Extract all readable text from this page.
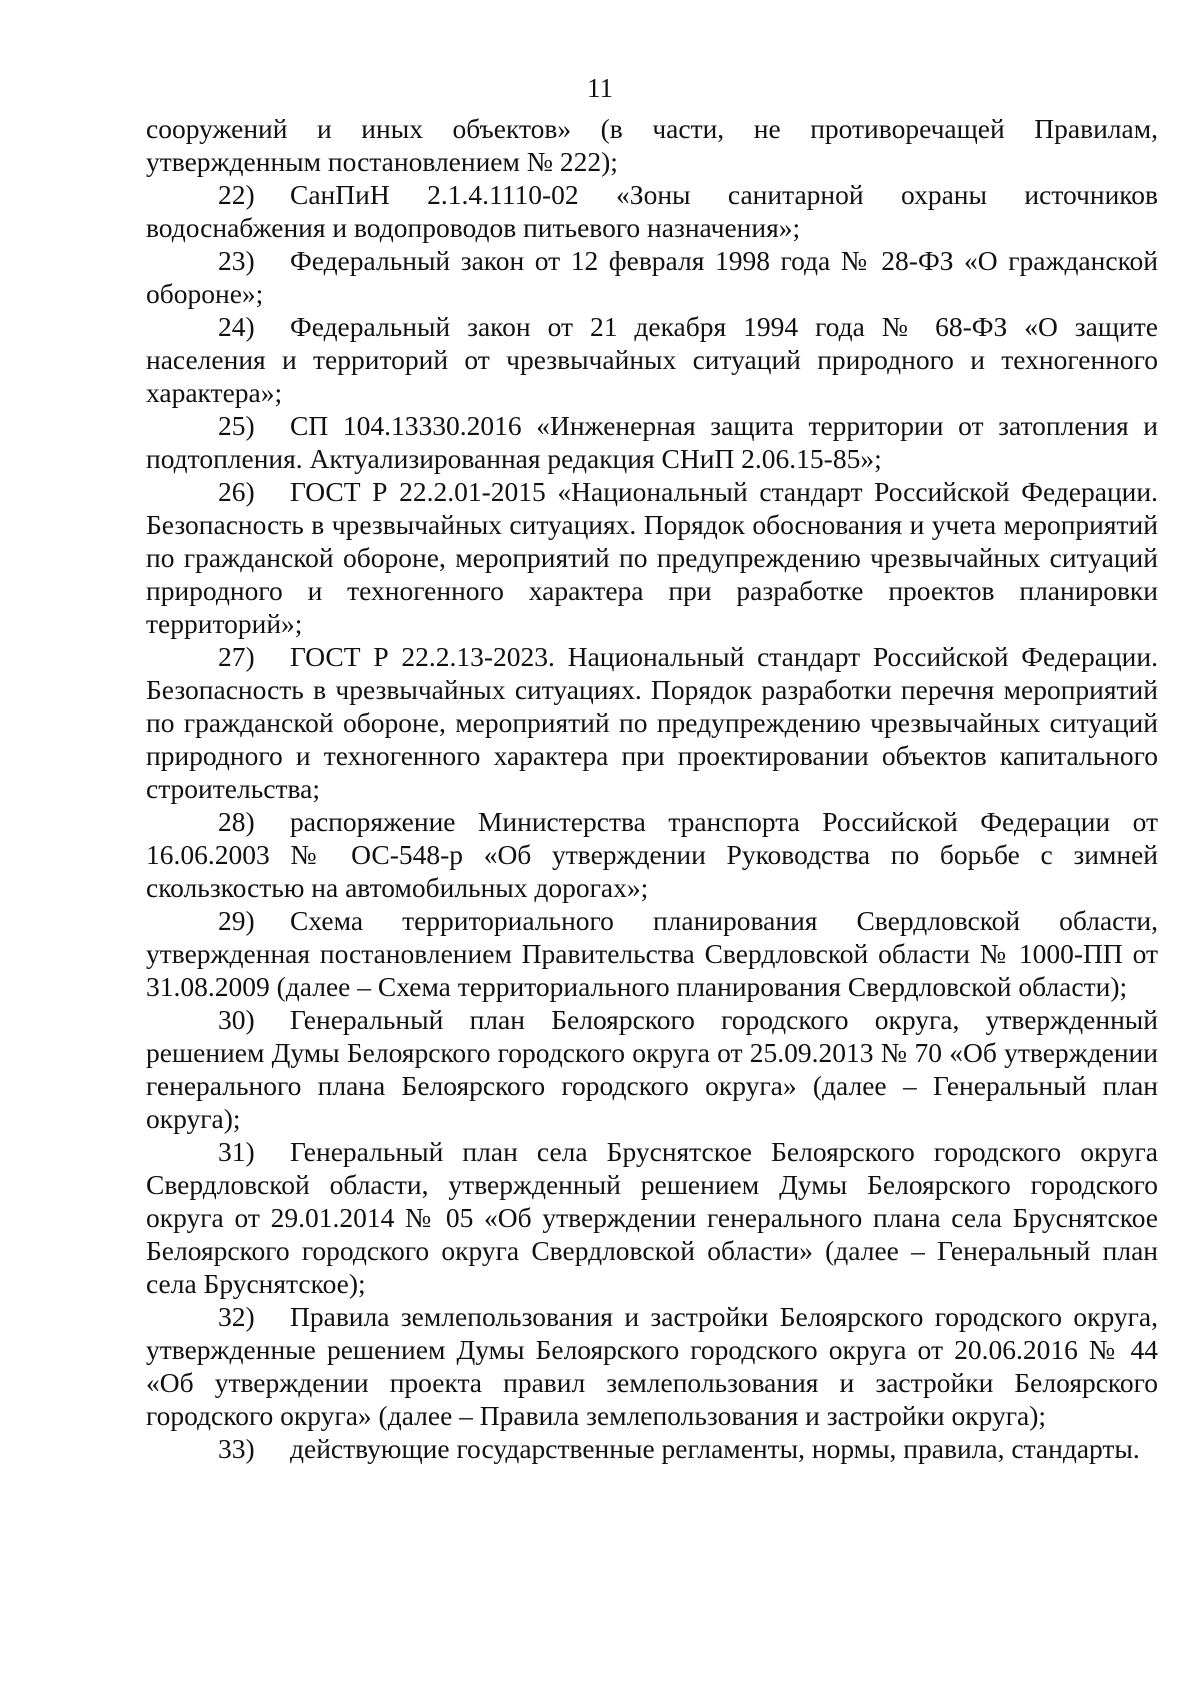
11

сооружений и иных объектов» (в части, не противоречащей Правилам, утвержденным постановлением № 222);

22) СанПиН 2.1.4.1110-02 «Зоны санитарной охраны источников водоснабжения и водопроводов питьевого назначения»;

23) Федеральный закон от 12 февраля 1998 года № 28-ФЗ «О гражданской обороне»;

24) Федеральный закон от 21 декабря 1994 года № 68-ФЗ «О защите населения и территорий от чрезвычайных ситуаций природного и техногенного характера»;

25) СП 104.13330.2016 «Инженерная защита территории от затопления и подтопления. Актуализированная редакция СНиП 2.06.15-85»;

26) ГОСТ Р 22.2.01-2015 «Национальный стандарт Российской Федерации. Безопасность в чрезвычайных ситуациях. Порядок обоснования и учета мероприятий по гражданской обороне, мероприятий по предупреждению чрезвычайных ситуаций природного и техногенного характера при разработке проектов планировки территорий»;

27) ГОСТ Р 22.2.13-2023. Национальный стандарт Российской Федерации. Безопасность в чрезвычайных ситуациях. Порядок разработки перечня мероприятий по гражданской обороне, мероприятий по предупреждению чрезвычайных ситуаций природного и техногенного характера при проектировании объектов капитального строительства;

28) распоряжение Министерства транспорта Российской Федерации от 16.06.2003 № ОС-548-р «Об утверждении Руководства по борьбе с зимней скользкостью на автомобильных дорогах»;

29) Схема территориального планирования Свердловской области, утвержденная постановлением Правительства Свердловской области № 1000-ПП от 31.08.2009 (далее – Схема территориального планирования Свердловской области);

30) Генеральный план Белоярского городского округа, утвержденный решением Думы Белоярского городского округа от 25.09.2013 № 70 «Об утверждении генерального плана Белоярского городского округа» (далее – Генеральный план округа);

31) Генеральный план села Бруснятское Белоярского городского округа Свердловской области, утвержденный решением Думы Белоярского городского округа от 29.01.2014 № 05 «Об утверждении генерального плана села Бруснятское Белоярского городского округа Свердловской области» (далее – Генеральный план села Бруснятское);

32) Правила землепользования и застройки Белоярского городского округа, утвержденные решением Думы Белоярского городского округа от 20.06.2016 № 44 «Об утверждении проекта правил землепользования и застройки Белоярского городского округа» (далее – Правила землепользования и застройки округа);

33) действующие государственные регламенты, нормы, правила, стандарты.
